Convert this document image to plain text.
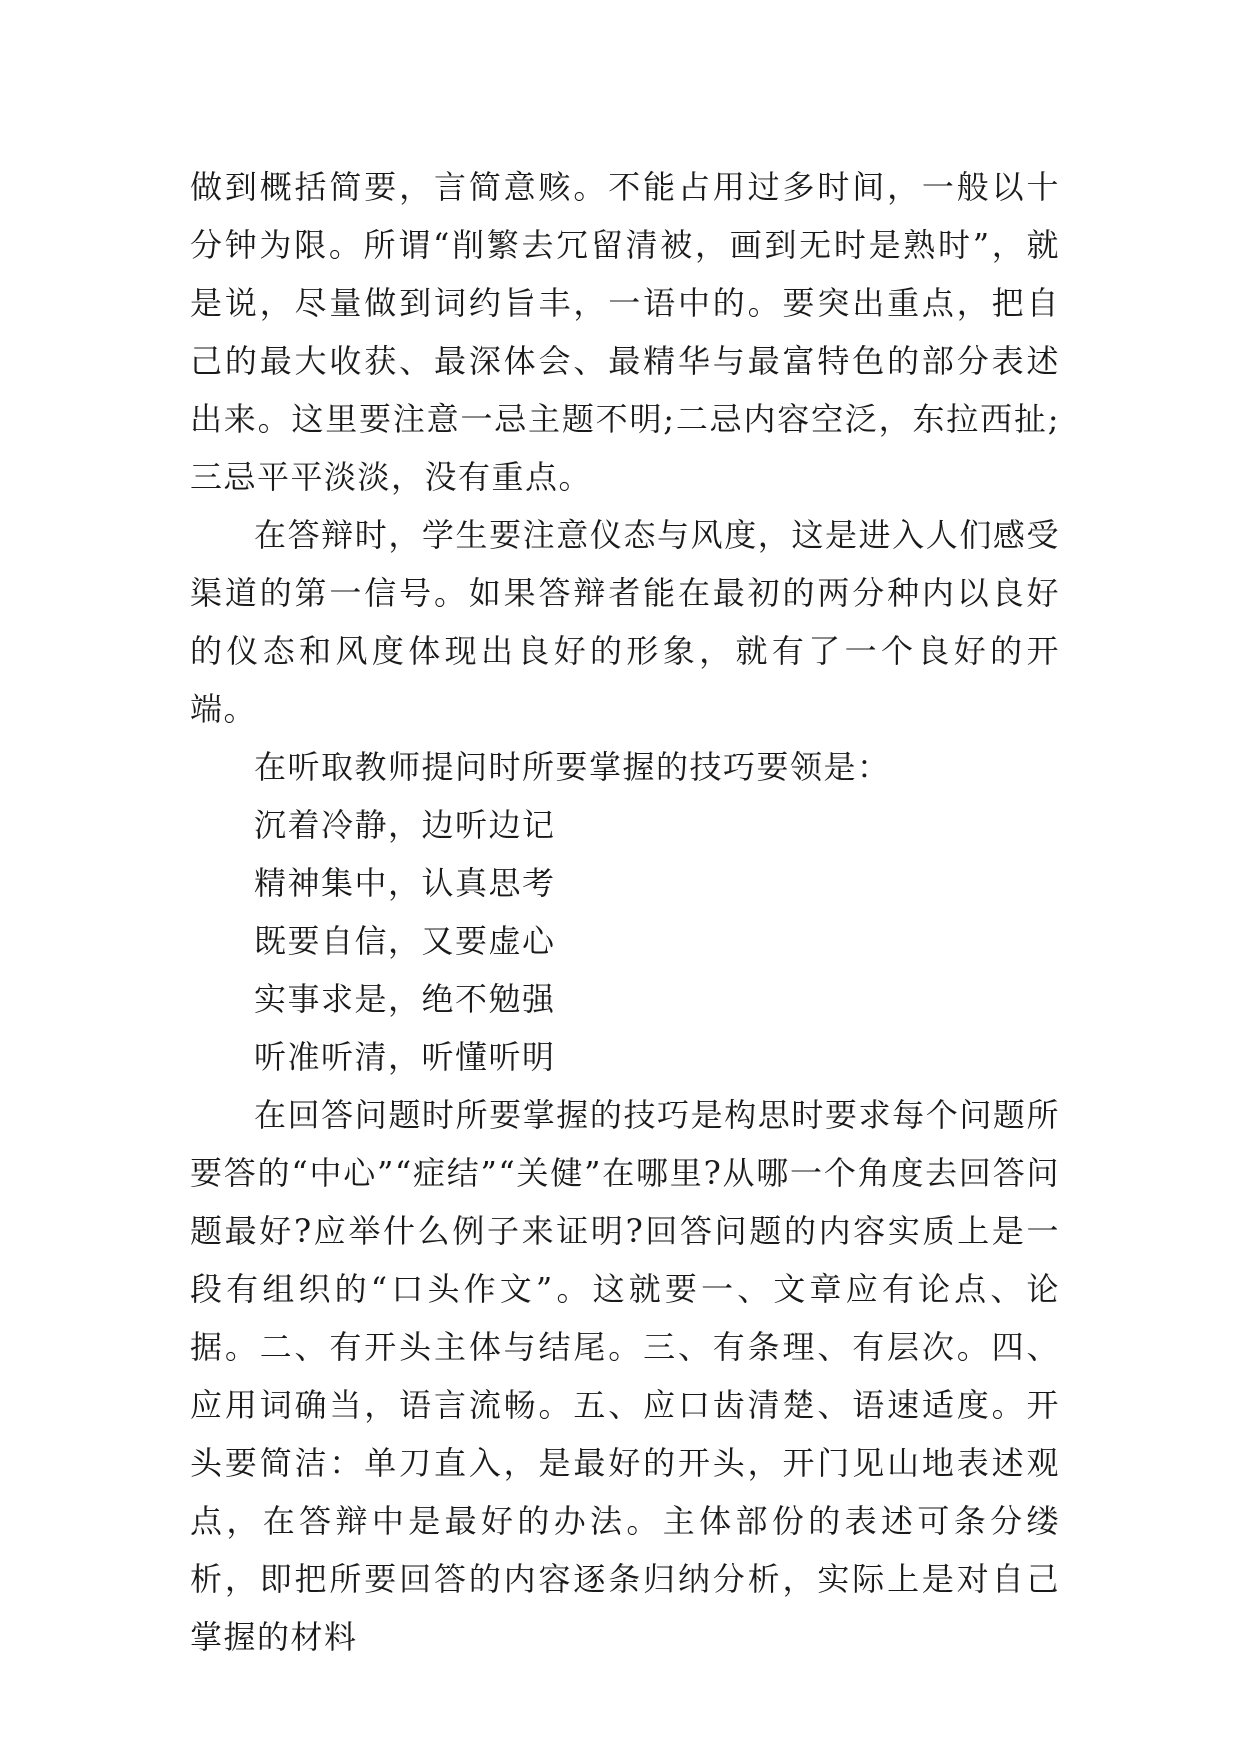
做到概括简要，言简意赅。不能占用过多时间，一般以十分钟为限。所谓“削繁去冗留清被，画到无时是熟时”，就是说，尽量做到词约旨丰，一语中的。要突出重点，把自己的最大收获、最深体会、最精华与最富特色的部分表述出来。这里要注意一忌主题不明;二忌内容空泛，东拉西扯;三忌平平淡淡，没有重点。

在答辩时，学生要注意仪态与风度，这是进入人们感受渠道的第一信号。如果答辩者能在最初的两分种内以良好的仪态和风度体现出良好的形象，就有了一个良好的开端。

在听取教师提问时所要掌握的技巧要领是：

沉着冷静，边听边记

精神集中，认真思考

既要自信，又要虚心

实事求是，绝不勉强

听准听清，听懂听明

在回答问题时所要掌握的技巧是构思时要求每个问题所要答的“中心”“症结”“关健”在哪里?从哪一个角度去回答问题最好?应举什么例子来证明?回答问题的内容实质上是一段有组织的“口头作文”。这就要一、文章应有论点、论据。二、有开头主体与结尾。三、有条理、有层次。四、应用词确当，语言流畅。五、应口齿清楚、语速适度。开头要简洁：单刀直入，是最好的开头，开门见山地表述观点，在答辩中是最好的办法。主体部份的表述可条分缕析，即把所要回答的内容逐条归纳分析，实际上是对自己掌握的材料
